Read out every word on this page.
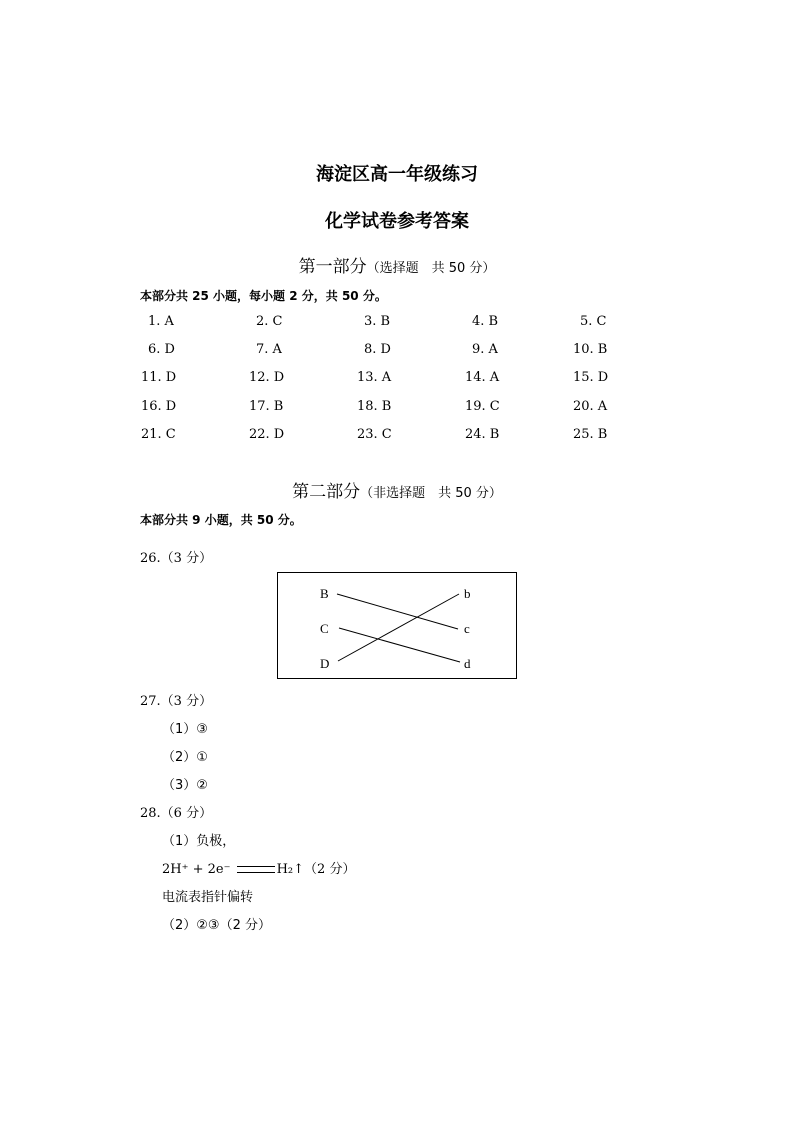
海淀区高一年级练习
化学试卷参考答案
第一部分（选择题　共 50 分）
本部分共 25 小题，每小题 2 分，共 50 分。
1. A	2. C	3. B	4. B	5. C
6. D	7. A	8. D	9. A	10. B
11. D	12. D	13. A	14. A	15. D
16. D	17. B	18. B	19. C	20. A
21. C	22. D	23. C	24. B	25. B
第二部分（非选择题　共 50 分）
本部分共 9 小题，共 50 分。
26.（3 分）
B
C
D
b
c
d
27.（3 分）
（1）③
（2）①
（3）②
28.（6 分）
（1）负极，
2H⁺ + 2e⁻	H₂↑（2 分）
电流表指针偏转
（2）②③（2 分）
